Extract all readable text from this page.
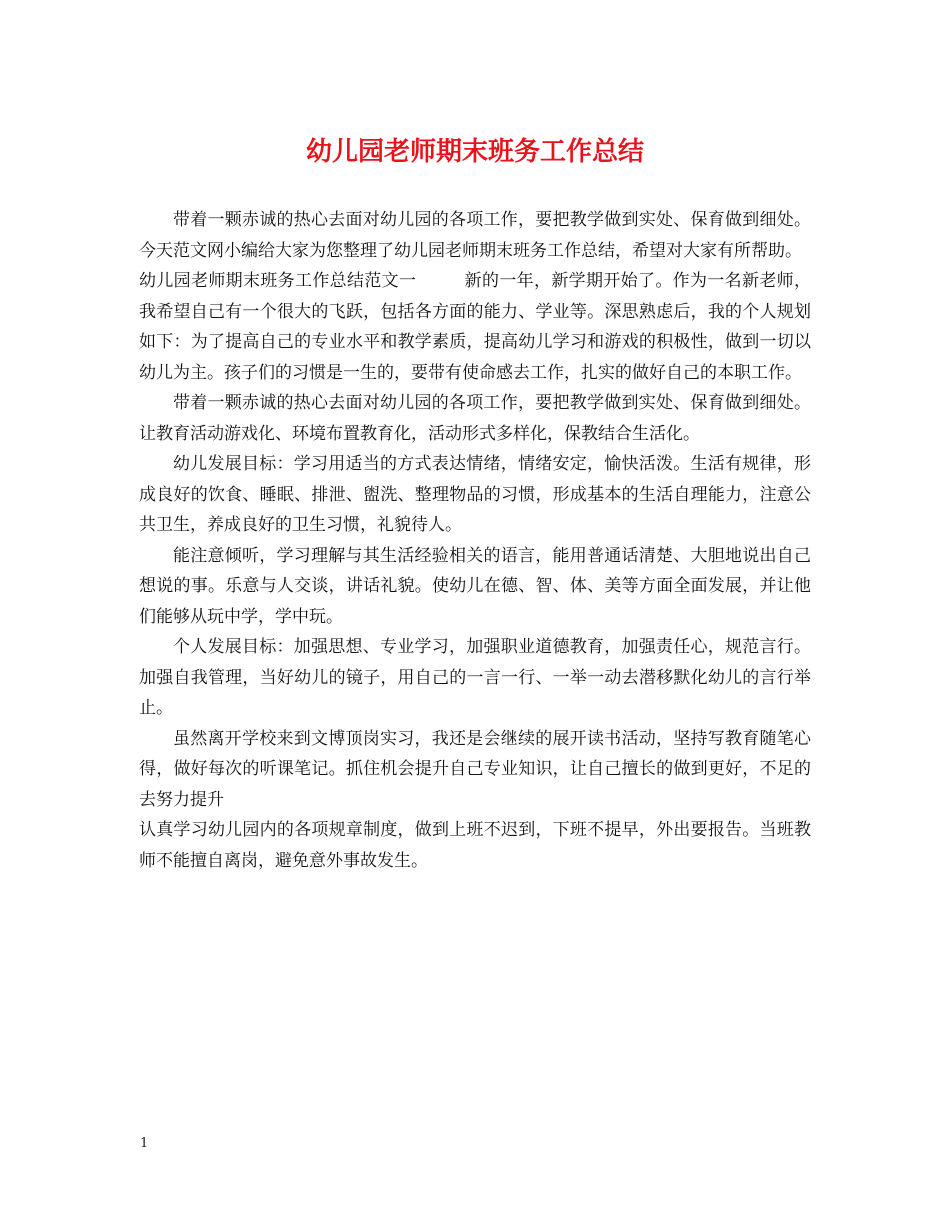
幼儿园老师期末班务工作总结

带着一颗赤诚的热心去面对幼儿园的各项工作，要把教学做到实处、保育做到细处。今天范文网小编给大家为您整理了幼儿园老师期末班务工作总结，希望对大家有所帮助。

幼儿园老师期末班务工作总结范文一	新的一年，新学期开始了。作为一名新老师，我希望自己有一个很大的飞跃，包括各方面的能力、学业等。深思熟虑后，我的个人规划如下：为了提高自己的专业水平和教学素质，提高幼儿学习和游戏的积极性，做到一切以幼儿为主。孩子们的习惯是一生的，要带有使命感去工作，扎实的做好自己的本职工作。

带着一颗赤诚的热心去面对幼儿园的各项工作，要把教学做到实处、保育做到细处。让教育活动游戏化、环境布置教育化，活动形式多样化，保教结合生活化。

幼儿发展目标：学习用适当的方式表达情绪，情绪安定，愉快活泼。生活有规律，形成良好的饮食、睡眠、排泄、盥洗、整理物品的习惯，形成基本的生活自理能力，注意公共卫生，养成良好的卫生习惯，礼貌待人。

能注意倾听，学习理解与其生活经验相关的语言，能用普通话清楚、大胆地说出自己想说的事。乐意与人交谈，讲话礼貌。使幼儿在德、智、体、美等方面全面发展，并让他们能够从玩中学，学中玩。

个人发展目标：加强思想、专业学习，加强职业道德教育，加强责任心，规范言行。加强自我管理，当好幼儿的镜子，用自己的一言一行、一举一动去潜移默化幼儿的言行举止。

虽然离开学校来到文博顶岗实习，我还是会继续的展开读书活动，坚持写教育随笔心得，做好每次的听课笔记。抓住机会提升自己专业知识，让自己擅长的做到更好，不足的去努力提升

认真学习幼儿园内的各项规章制度，做到上班不迟到，下班不提早，外出要报告。当班教师不能擅自离岗，避免意外事故发生。

1
